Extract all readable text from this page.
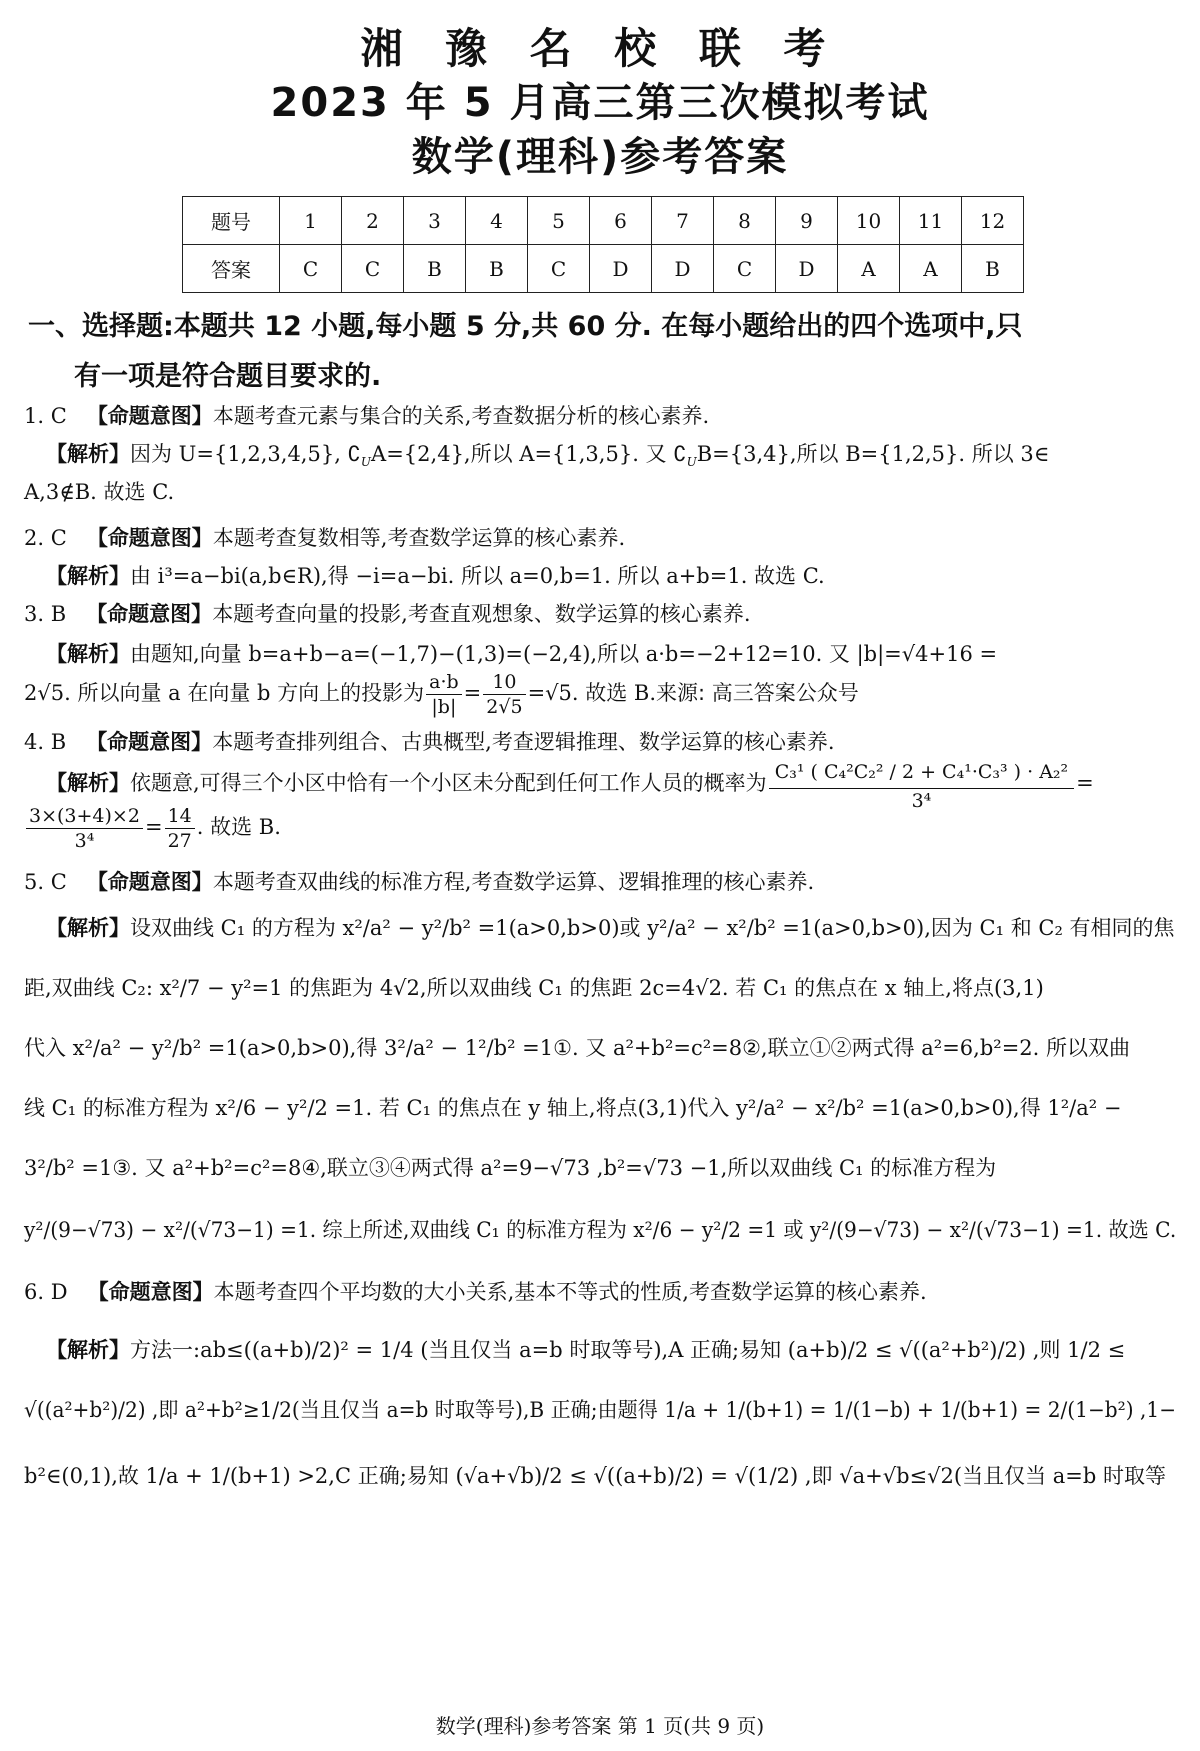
湘 豫 名 校 联 考
2023 年 5 月高三第三次模拟考试
数学(理科)参考答案
题号	1	2	3	4	5	6	7	8	9	10	11	12
答案	C	C	B	B	C	D	D	C	D	A	A	B
一、选择题:本题共 12 小题,每小题 5 分,共 60 分. 在每小题给出的四个选项中,只
有一项是符合题目要求的.
1. C 【命题意图】本题考查元素与集合的关系,考查数据分析的核心素养.
【解析】因为 U={1,2,3,4,5}, $∁_UA=\{2,4\}$,所以 A={1,3,5}. 又 $∁_UB=\{3,4\}$,所以 B={1,2,5}. 所以 3∈
A,3∉B. 故选 C.
2. C 【命题意图】本题考查复数相等,考查数学运算的核心素养.
【解析】由 i³=a−bi(a,b∈R),得 −i=a−bi. 所以 a=0,b=1. 所以 a+b=1. 故选 C.
3. B 【命题意图】本题考查向量的投影,考查直观想象、数学运算的核心素养.
【解析】由题知,向量 b=a+b−a=(−1,7)−(1,3)=(−2,4),所以 a·b=−2+12=10. 又 |b|=√4+16 =
2√5. 所以向量 a 在向量 b 方向上的投影为 $\frac{a\cdot b}{|b|} = \frac{10}{2√5} =√5$. 故选 B.来源: 高三答案公众号
4. B 【命题意图】本题考查排列组合、古典概型,考查逻辑推理、数学运算的核心素养.
【解析】依题意,可得三个小区中恰有一个小区未分配到任何工作人员的概率为 $\frac{\text{C₃¹ ( C₄²C₂² / 2 + C₄¹·C₃³ ) · A₂²}}{\text{3⁴}}$ =
$\frac{3\times(3+4)\times 2}{\text{3⁴}} = \frac{14}{27}$ . 故选 B.
5. C 【命题意图】本题考查双曲线的标准方程,考查数学运算、逻辑推理的核心素养.
【解析】设双曲线 C₁ 的方程为 x²/a² − y²/b² =1(a>0,b>0)或 y²/a² − x²/b² =1(a>0,b>0),因为 C₁ 和 C₂ 有相同的焦
距,双曲线 C₂: x²/7 − y²=1 的焦距为 4√2,所以双曲线 C₁ 的焦距 2c=4√2. 若 C₁ 的焦点在 x 轴上,将点(3,1)
代入 x²/a² − y²/b² =1(a>0,b>0),得 3²/a² − 1²/b² =1①. 又 a²+b²=c²=8②,联立①②两式得 a²=6,b²=2. 所以双曲
线 C₁ 的标准方程为 x²/6 − y²/2 =1. 若 C₁ 的焦点在 y 轴上,将点(3,1)代入 y²/a² − x²/b² =1(a>0,b>0),得 1²/a² −
3²/b² =1③. 又 a²+b²=c²=8④,联立③④两式得 a²=9−√73 ,b²=√73 −1,所以双曲线 C₁ 的标准方程为
y²/(9−√73) − x²/(√73−1) =1. 综上所述,双曲线 C₁ 的标准方程为 x²/6 − y²/2 =1 或 y²/(9−√73) − x²/(√73−1) =1. 故选 C.
6. D 【命题意图】本题考查四个平均数的大小关系,基本不等式的性质,考查数学运算的核心素养.
【解析】方法一:ab≤((a+b)/2)² = 1/4 (当且仅当 a=b 时取等号),A 正确;易知 (a+b)/2 ≤ √((a²+b²)/2) ,则 1/2 ≤
√((a²+b²)/2) ,即 a²+b²≥1/2(当且仅当 a=b 时取等号),B 正确;由题得 1/a + 1/(b+1) = 1/(1−b) + 1/(b+1) = 2/(1−b²) ,1−
b²∈(0,1),故 1/a + 1/(b+1) >2,C 正确;易知 (√a+√b)/2 ≤ √((a+b)/2) = √(1/2) ,即 √a+√b≤√2(当且仅当 a=b 时取等
数学(理科)参考答案 第 1 页(共 9 页)
